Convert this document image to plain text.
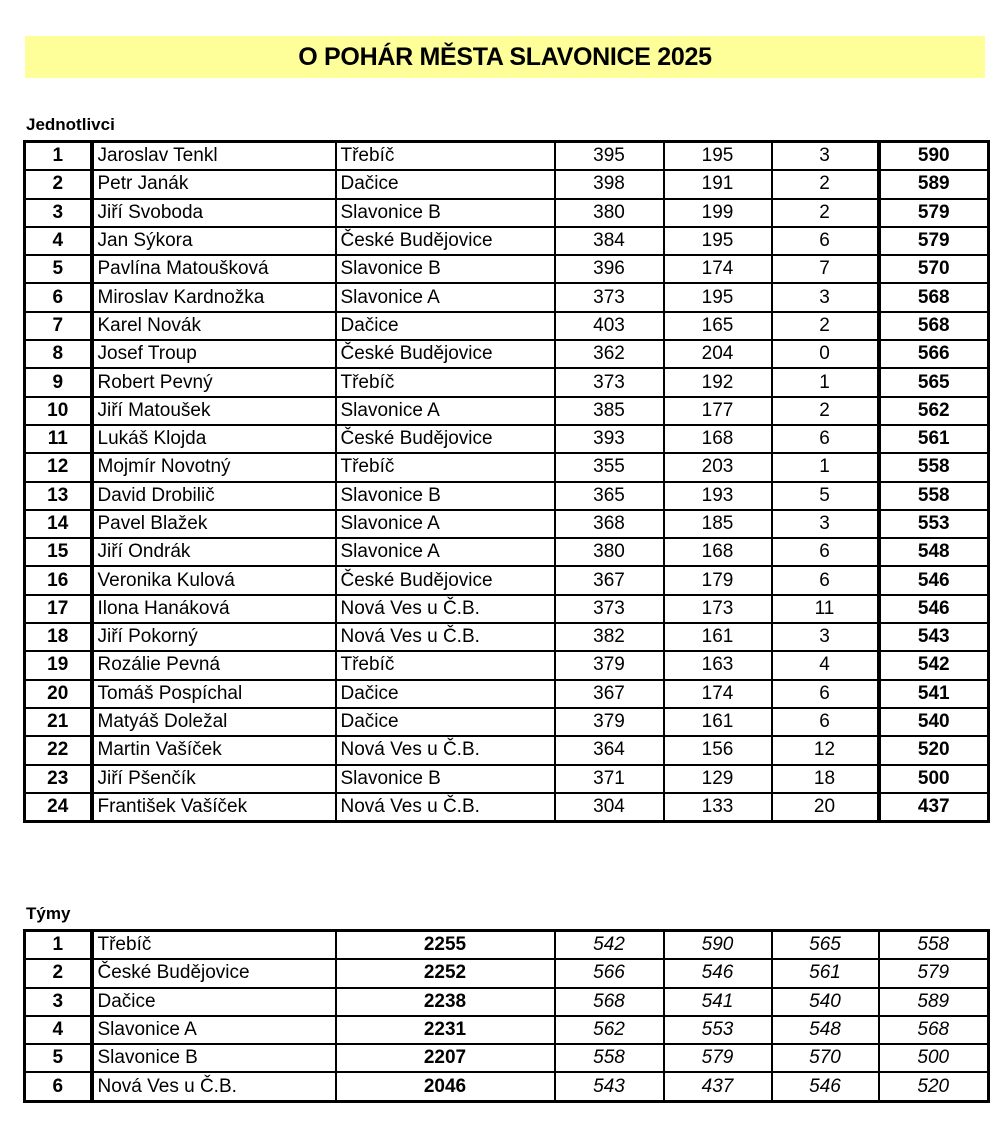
O POHÁR MĚSTA SLAVONICE 2025
Jednotlivci
1	Jaroslav Tenkl	Třebíč	395	195	3	590
2	Petr Janák	Dačice	398	191	2	589
3	Jiří Svoboda	Slavonice B	380	199	2	579
4	Jan Sýkora	České Budějovice	384	195	6	579
5	Pavlína Matoušková	Slavonice B	396	174	7	570
6	Miroslav Kardnožka	Slavonice A	373	195	3	568
7	Karel Novák	Dačice	403	165	2	568
8	Josef Troup	České Budějovice	362	204	0	566
9	Robert Pevný	Třebíč	373	192	1	565
10	Jiří Matoušek	Slavonice A	385	177	2	562
11	Lukáš Klojda	České Budějovice	393	168	6	561
12	Mojmír Novotný	Třebíč	355	203	1	558
13	David Drobilič	Slavonice B	365	193	5	558
14	Pavel Blažek	Slavonice A	368	185	3	553
15	Jiří Ondrák	Slavonice A	380	168	6	548
16	Veronika Kulová	České Budějovice	367	179	6	546
17	Ilona Hanáková	Nová Ves u Č.B.	373	173	11	546
18	Jiří Pokorný	Nová Ves u Č.B.	382	161	3	543
19	Rozálie Pevná	Třebíč	379	163	4	542
20	Tomáš Pospíchal	Dačice	367	174	6	541
21	Matyáš Doležal	Dačice	379	161	6	540
22	Martin Vašíček	Nová Ves u Č.B.	364	156	12	520
23	Jiří Pšenčík	Slavonice B	371	129	18	500
24	František Vašíček	Nová Ves u Č.B.	304	133	20	437
Týmy
1	Třebíč	2255	542	590	565	558
2	České Budějovice	2252	566	546	561	579
3	Dačice	2238	568	541	540	589
4	Slavonice A	2231	562	553	548	568
5	Slavonice B	2207	558	579	570	500
6	Nová Ves u Č.B.	2046	543	437	546	520
